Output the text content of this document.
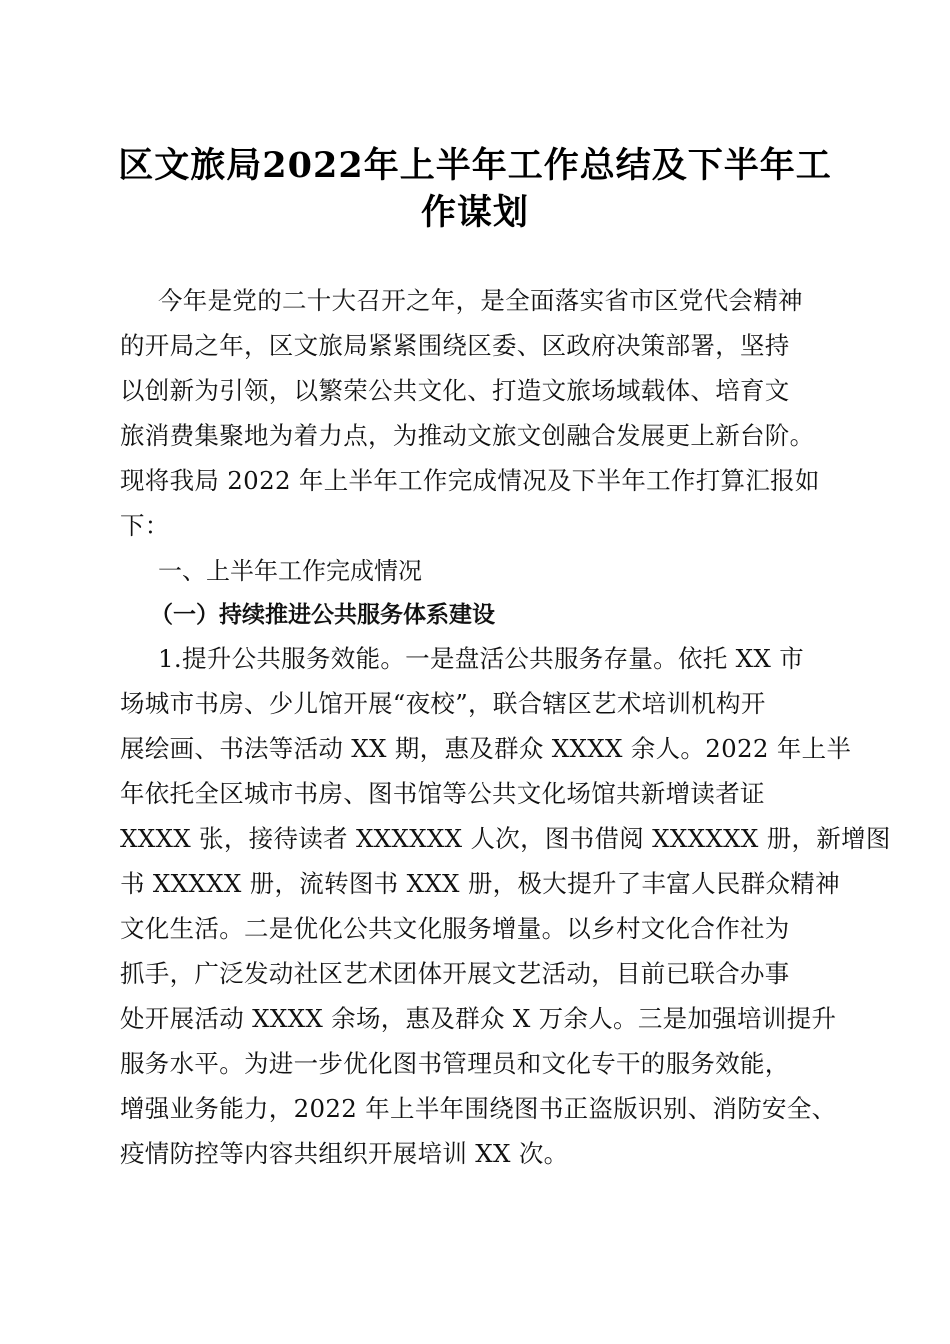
区文旅局2022年上半年工作总结及下半年工
作谋划
今年是党的二十大召开之年，是全面落实省市区党代会精神
的开局之年，区文旅局紧紧围绕区委、区政府决策部署，坚持
以创新为引领，以繁荣公共文化、打造文旅场域载体、培育文
旅消费集聚地为着力点，为推动文旅文创融合发展更上新台阶。
现将我局 2022 年上半年工作完成情况及下半年工作打算汇报如
下：
一、上半年工作完成情况
（一）持续推进公共服务体系建设
1.提升公共服务效能。一是盘活公共服务存量。依托 XX 市
场城市书房、少儿馆开展“夜校”，联合辖区艺术培训机构开
展绘画、书法等活动 XX 期，惠及群众 XXXX 余人。2022 年上半
年依托全区城市书房、图书馆等公共文化场馆共新增读者证
XXXX 张，接待读者 XXXXXX 人次，图书借阅 XXXXXX 册，新增图
书 XXXXX 册，流转图书 XXX 册，极大提升了丰富人民群众精神
文化生活。二是优化公共文化服务增量。以乡村文化合作社为
抓手，广泛发动社区艺术团体开展文艺活动，目前已联合办事
处开展活动 XXXX 余场，惠及群众 X 万余人。三是加强培训提升
服务水平。为进一步优化图书管理员和文化专干的服务效能，
增强业务能力，2022 年上半年围绕图书正盗版识别、消防安全、
疫情防控等内容共组织开展培训 XX 次。
